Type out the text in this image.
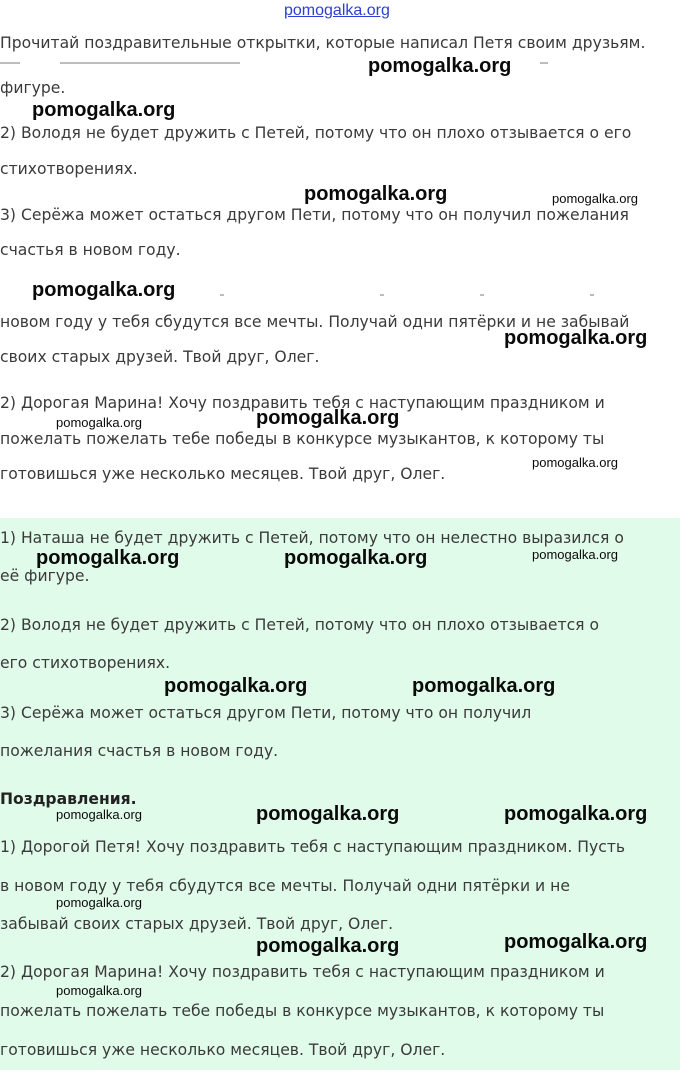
pomogalka.org

Прочитай поздравительные открытки, которые написал Петя своим друзьям.

фигуре.

2) Володя не будет дружить с Петей, потому что он плохо отзывается о его

стихотворениях.

3) Серёжа может остаться другом Пети, потому что он получил пожелания

счастья в новом году.

новом году у тебя сбудутся все мечты. Получай одни пятёрки и не забывай

своих старых друзей. Твой друг, Олег.

2) Дорогая Марина! Хочу поздравить тебя с наступающим праздником и

пожелать пожелать тебе победы в конкурсе музыкантов, к которому ты

готовишься уже несколько месяцев. Твой друг, Олег.

1) Наташа не будет дружить с Петей, потому что он нелестно выразился о

её фигуре.

2) Володя не будет дружить с Петей, потому что он плохо отзывается о

его стихотворениях.

3) Серёжа может остаться другом Пети, потому что он получил

пожелания счастья в новом году.

Поздравления.

1) Дорогой Петя! Хочу поздравить тебя с наступающим праздником. Пусть

в новом году у тебя сбудутся все мечты. Получай одни пятёрки и не

забывай своих старых друзей. Твой друг, Олег.

2) Дорогая Марина! Хочу поздравить тебя с наступающим праздником и

пожелать пожелать тебе победы в конкурсе музыкантов, к которому ты

готовишься уже несколько месяцев. Твой друг, Олег.

pomogalka.org
pomogalka.org
pomogalka.org	pomogalka.org
pomogalka.org
pomogalka.org
pomogalka.org
pomogalka.org
pomogalka.org
pomogalka.org	pomogalka.org	pomogalka.org
pomogalka.org	pomogalka.org
pomogalka.org	pomogalka.org	pomogalka.org
pomogalka.org
pomogalka.org	pomogalka.org
pomogalka.org
